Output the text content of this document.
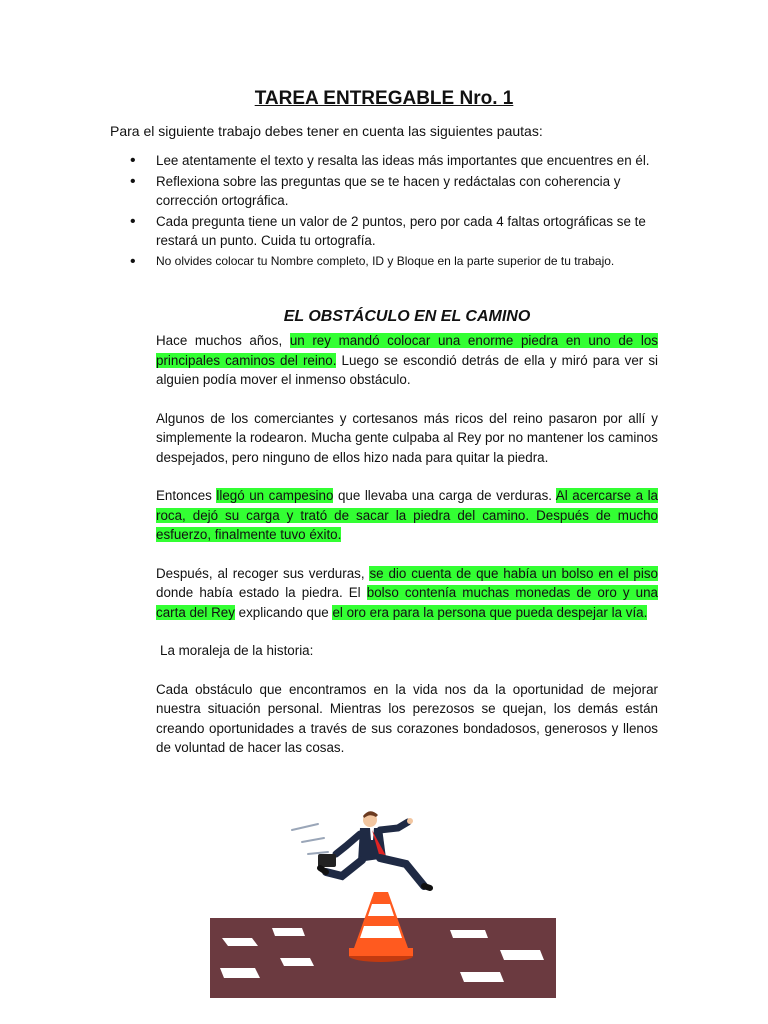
TAREA ENTREGABLE Nro. 1
Para el siguiente trabajo debes tener en cuenta las siguientes pautas:
• Lee atentamente el texto y resalta las ideas más importantes que encuentres en él.
• Reflexiona sobre las preguntas que se te hacen y redáctalas con coherencia y corrección ortográfica.
• Cada pregunta tiene un valor de 2 puntos, pero por cada 4 faltas ortográficas se te restará un punto. Cuida tu ortografía.
• No olvides colocar tu Nombre completo, ID y Bloque en la parte superior de tu trabajo.
EL OBSTÁCULO EN EL CAMINO

Hace muchos años, un rey mandó colocar una enorme piedra en uno de los principales caminos del reino. Luego se escondió detrás de ella y miró para ver si alguien podía mover el inmenso obstáculo.

Algunos de los comerciantes y cortesanos más ricos del reino pasaron por allí y simplemente la rodearon. Mucha gente culpaba al Rey por no mantener los caminos despejados, pero ninguno de ellos hizo nada para quitar la piedra.

Entonces llegó un campesino que llevaba una carga de verduras. Al acercarse a la roca, dejó su carga y trató de sacar la piedra del camino. Después de mucho esfuerzo, finalmente tuvo éxito.

Después, al recoger sus verduras, se dio cuenta de que había un bolso en el piso donde había estado la piedra. El bolso contenía muchas monedas de oro y una carta del Rey explicando que el oro era para la persona que pueda despejar la vía.

La moraleja de la historia:

Cada obstáculo que encontramos en la vida nos da la oportunidad de mejorar nuestra situación personal. Mientras los perezosos se quejan, los demás están creando oportunidades a través de sus corazones bondadosos, generosos y llenos de voluntad de hacer las cosas.
